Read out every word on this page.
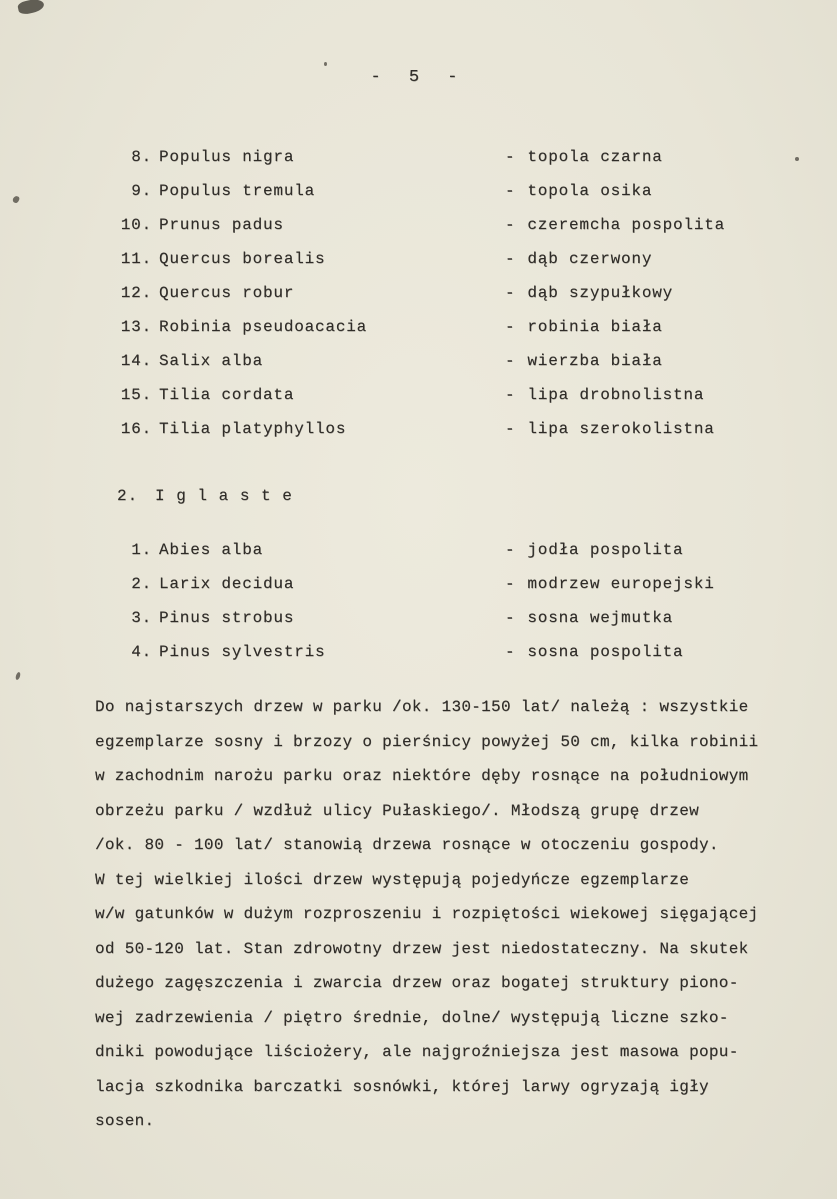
- 5 -
8. Populus nigra	- topola czarna
9. Populus tremula	- topola osika
10. Prunus padus	- czeremcha pospolita
11. Quercus borealis	- dąb czerwony
12. Quercus robur	- dąb szypułkowy
13. Robinia pseudoacacia	- robinia biała
14. Salix alba	- wierzba biała
15. Tilia cordata	- lipa drobnolistna
16. Tilia platyphyllos	- lipa szerokolistna
2. I g l a s t e
1. Abies alba	- jodła pospolita
2. Larix decidua	- modrzew europejski
3. Pinus strobus	- sosna wejmutka
4. Pinus sylvestris	- sosna pospolita
Do najstarszych drzew w parku /ok. 130-150 lat/ należą : wszystkie
egzemplarze sosny i brzozy o pierśnicy powyżej 50 cm, kilka robinii
w zachodnim narożu parku oraz niektóre dęby rosnące na południowym
obrzeżu parku / wzdłuż ulicy Pułaskiego/. Młodszą grupę drzew
/ok. 80 - 100 lat/ stanowią drzewa rosnące w otoczeniu gospody.
W tej wielkiej ilości drzew występują pojedyńcze egzemplarze
w/w gatunków w dużym rozproszeniu i rozpiętości wiekowej sięgającej
od 50-120 lat. Stan zdrowotny drzew jest niedostateczny. Na skutek
dużego zagęszczenia i zwarcia drzew oraz bogatej struktury piono-
wej zadrzewienia / piętro średnie, dolne/ występują liczne szko-
dniki powodujące liściożery, ale najgroźniejsza jest masowa popu-
lacja szkodnika barczatki sosnówki, której larwy ogryzają igły
sosen.
